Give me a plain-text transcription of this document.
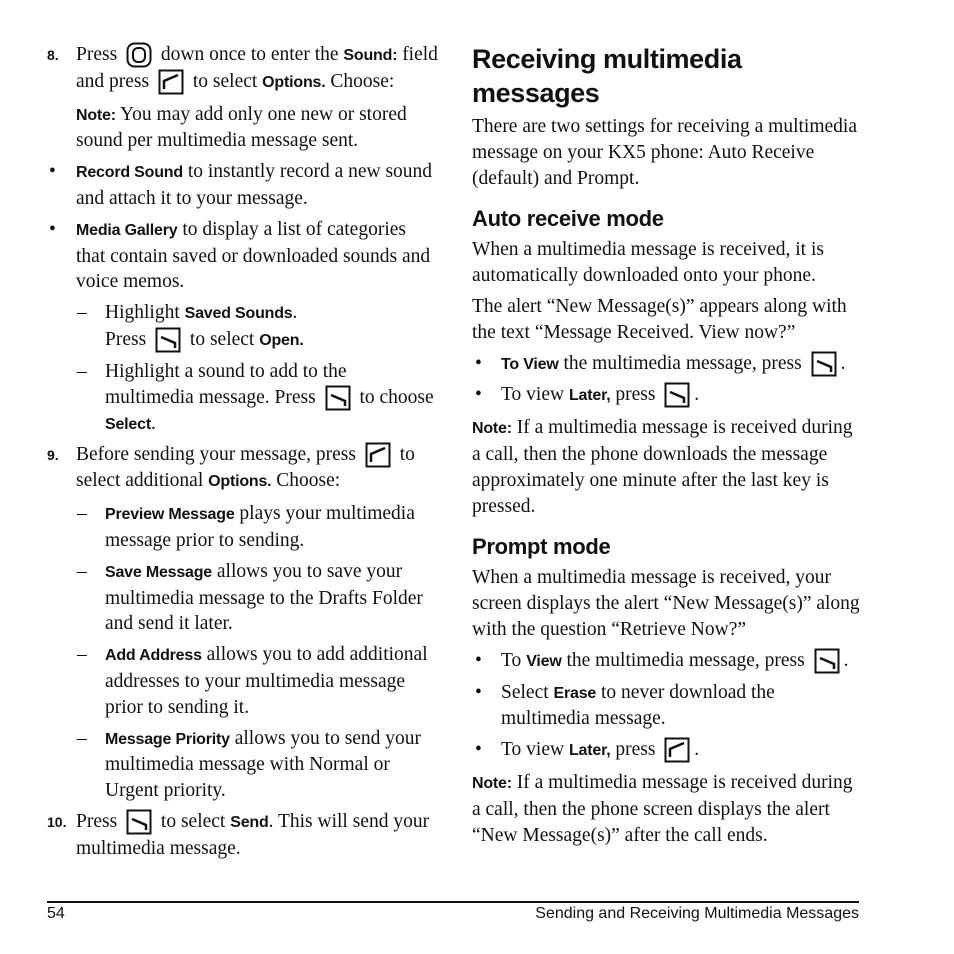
8. Press down once to enter the Sound: field and press to select Options. Choose:

Note: You may add only one new or stored sound per multimedia message sent.

• Record Sound to instantly record a new sound and attach it to your message.
• Media Gallery to display a list of categories that contain saved or downloaded sounds and voice memos.
– Highlight Saved Sounds.
Press to select Open.
– Highlight a sound to add to the multimedia message. Press to choose Select.
9. Before sending your message, press to select additional Options. Choose:
– Preview Message plays your multimedia message prior to sending.
– Save Message allows you to save your multimedia message to the Drafts Folder and send it later.
– Add Address allows you to add additional addresses to your multimedia message prior to sending it.
– Message Priority allows you to send your multimedia message with Normal or Urgent priority.
10. Press to select Send. This will send your multimedia message.
Receiving multimedia messages

There are two settings for receiving a multimedia message on your KX5 phone: Auto Receive (default) and Prompt.

Auto receive mode

When a multimedia message is received, it is automatically downloaded onto your phone.

The alert “New Message(s)” appears along with the text “Message Received. View now?”

• To View the multimedia message, press .
• To view Later, press .

Note: If a multimedia message is received during a call, then the phone downloads the message approximately one minute after the last key is pressed.

Prompt mode

When a multimedia message is received, your screen displays the alert “New Message(s)” along with the question “Retrieve Now?”

• To View the multimedia message, press .
• Select Erase to never download the multimedia message.
• To view Later, press .

Note: If a multimedia message is received during a call, then the phone screen displays the alert “New Message(s)” after the call ends.

54	Sending and Receiving Multimedia Messages
